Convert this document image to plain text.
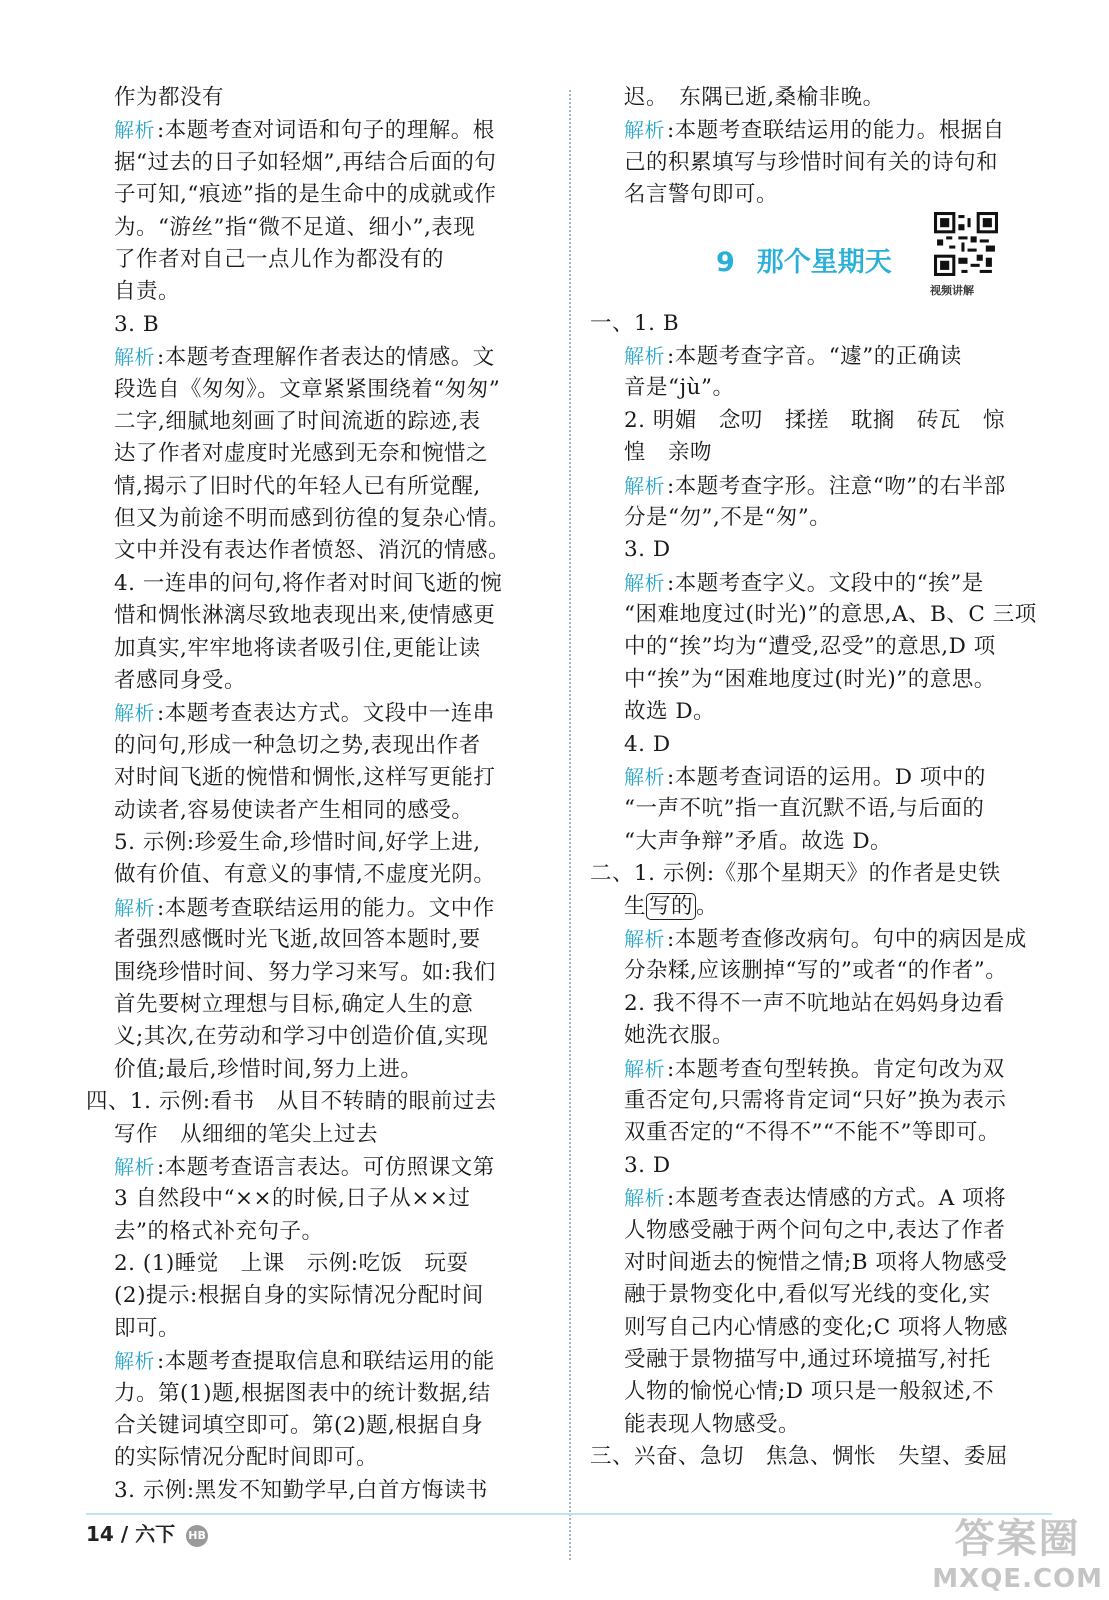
作为都没有
解析:本题考查对词语和句子的理解。根
据“过去的日子如轻烟”,再结合后面的句
子可知,“痕迹”指的是生命中的成就或作
为。“游丝”指“微不足道、细小”,表现
了作者对自己一点儿作为都没有的
自责。
3. B
解析:本题考查理解作者表达的情感。文
段选自《匆匆》。文章紧紧围绕着“匆匆”
二字,细腻地刻画了时间流逝的踪迹,表
达了作者对虚度时光感到无奈和惋惜之
情,揭示了旧时代的年轻人已有所觉醒,
但又为前途不明而感到彷徨的复杂心情。
文中并没有表达作者愤怒、消沉的情感。
4. 一连串的问句,将作者对时间飞逝的惋
惜和惆怅淋漓尽致地表现出来,使情感更
加真实,牢牢地将读者吸引住,更能让读
者感同身受。
解析:本题考查表达方式。文段中一连串
的问句,形成一种急切之势,表现出作者
对时间飞逝的惋惜和惆怅,这样写更能打
动读者,容易使读者产生相同的感受。
5. 示例:珍爱生命,珍惜时间,好学上进,
做有价值、有意义的事情,不虚度光阴。
解析:本题考查联结运用的能力。文中作
者强烈感慨时光飞逝,故回答本题时,要
围绕珍惜时间、努力学习来写。如:我们
首先要树立理想与目标,确定人生的意
义;其次,在劳动和学习中创造价值,实现
价值;最后,珍惜时间,努力上进。
四、1. 示例:看书　从目不转睛的眼前过去
写作　从细细的笔尖上过去
解析:本题考查语言表达。可仿照课文第
3 自然段中“××的时候,日子从××过
去”的格式补充句子。
2. (1)睡觉　上课　示例:吃饭　玩耍
(2)提示:根据自身的实际情况分配时间
即可。
解析:本题考查提取信息和联结运用的能
力。第(1)题,根据图表中的统计数据,结
合关键词填空即可。第(2)题,根据自身
的实际情况分配时间即可。
3. 示例:黑发不知勤学早,白首方悔读书
迟。　东隅已逝,桑榆非晚。
解析:本题考查联结运用的能力。根据自
己的积累填写与珍惜时间有关的诗句和
名言警句即可。
9 那个星期天
视频讲解
一、1. B
解析:本题考查字音。“遽”的正确读
音是“jù”。
2. 明媚　念叨　揉搓　耽搁　砖瓦　惊
惶　亲吻
解析:本题考查字形。注意“吻”的右半部
分是“勿”,不是“匆”。
3. D
解析:本题考查字义。文段中的“挨”是
“困难地度过(时光)”的意思,A、B、C 三项
中的“挨”均为“遭受,忍受”的意思,D 项
中“挨”为“困难地度过(时光)”的意思。
故选 D。
4. D
解析:本题考查词语的运用。D 项中的
“一声不吭”指一直沉默不语,与后面的
“大声争辩”矛盾。故选 D。
二、1. 示例:《那个星期天》的作者是史铁
生 写的 。
解析:本题考查修改病句。句中的病因是成
分杂糅,应该删掉“写的”或者“的作者”。
2. 我不得不一声不吭地站在妈妈身边看
她洗衣服。
解析:本题考查句型转换。肯定句改为双
重否定句,只需将肯定词“只好”换为表示
双重否定的“不得不”“不能不”等即可。
3. D
解析:本题考查表达情感的方式。A 项将
人物感受融于两个问句之中,表达了作者
对时间逝去的惋惜之情;B 项将人物感受
融于景物变化中,看似写光线的变化,实
则写自己内心情感的变化;C 项将人物感
受融于景物描写中,通过环境描写,衬托
人物的愉悦心情;D 项只是一般叙述,不
能表现人物感受。
三、兴奋、急切　焦急、惆怅　失望、委屈
14 / 六下 HB	答案圈
MXQE.COM
